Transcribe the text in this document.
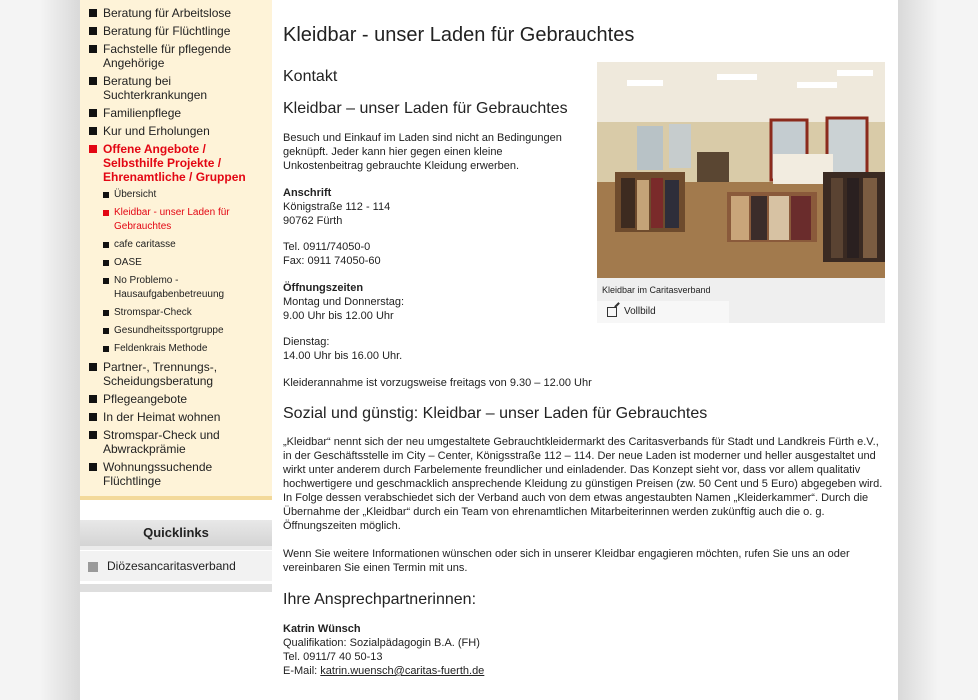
Beratung für Arbeitslose
Beratung für Flüchtlinge
Fachstelle für pflegende Angehörige
Beratung bei Suchterkrankungen
Familienpflege
Kur und Erholungen
Offene Angebote / Selbsthilfe Projekte / Ehrenamtliche / Gruppen
Übersicht
Kleidbar - unser Laden für Gebrauchtes
cafe caritasse
OASE
No Problemo - Hausaufgabenbetreuung
Stromspar-Check
Gesundheitssportgruppe
Feldenkrais Methode
Partner-, Trennungs-, Scheidungsberatung
Pflegeangebote
In der Heimat wohnen
Stromspar-Check und Abwrackprämie
Wohnungssuchende Flüchtlinge
Quicklinks
Diözesancaritasverband
Kleidbar - unser Laden für Gebrauchtes
Kontakt
Kleidbar – unser Laden für Gebrauchtes

Besuch und Einkauf im Laden sind nicht an Bedingungen geknüpft. Jeder kann hier gegen einen kleine Unkostenbeitrag gebrauchte Kleidung erwerben.

Anschrift
Königstraße 112 - 114
90762 Fürth
Tel. 0911/74050-0
Fax: 0911 74050-60
Öffnungszeiten
Montag und Donnerstag:
9.00 Uhr bis 12.00 Uhr
Dienstag:
14.00 Uhr bis 16.00 Uhr.

Kleiderannahme ist vorzugsweise freitags von 9.30 – 12.00 Uhr

Sozial und günstig: Kleidbar – unser Laden für Gebrauchtes

„Kleidbar“ nennt sich der neu umgestaltete Gebrauchtkleidermarkt des Caritasverbands für Stadt und Landkreis Fürth e.V., in der Geschäftsstelle im City – Center, Königsstraße 112 – 114. Der neue Laden ist moderner und heller ausgestaltet und wirkt unter anderem durch Farbelemente freundlicher und einladender. Das Konzept sieht vor, dass vor allem qualitativ hochwertigere und geschmacklich ansprechende Kleidung zu günstigen Preisen (zw. 50 Cent und 5 Euro) abgegeben wird. In Folge dessen verabschiedet sich der Verband auch von dem etwas angestaubten Namen „Kleiderkammer“. Durch die Übernahme der „Kleidbar“ durch ein Team von ehrenamtlichen Mitarbeiterinnen werden zukünftig auch die o. g. Öffnungszeiten möglich.

Wenn Sie weitere Informationen wünschen oder sich in unserer Kleidbar engagieren möchten, rufen Sie uns an oder vereinbaren Sie einen Termin mit uns.

Ihre Ansprechpartnerinnen:
Katrin Wünsch
Qualifikation: Sozialpädagogin B.A. (FH)
Tel. 0911/7 40 50-13
E-Mail: katrin.wuensch@caritas-fuerth.de
Kleidbar im Caritasverband
Vollbild
